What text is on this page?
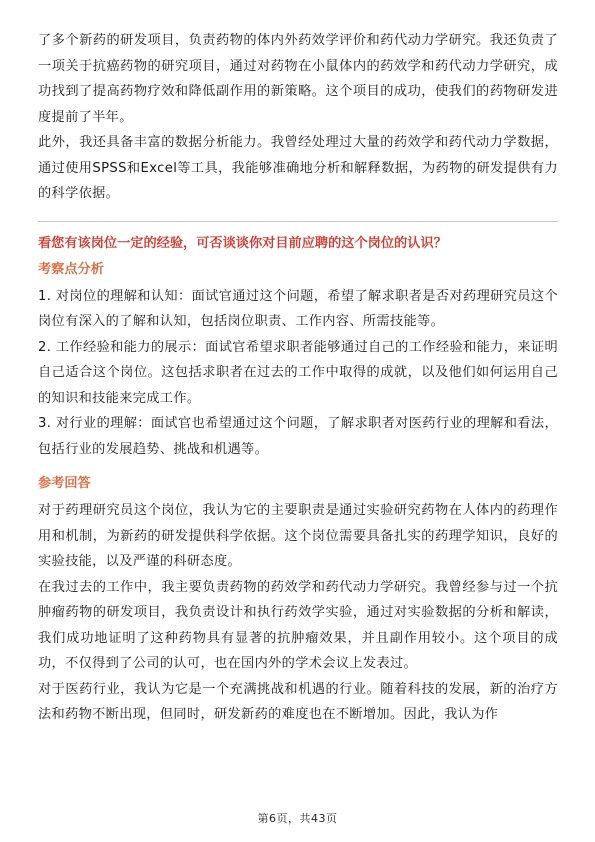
了多个新药的研发项目，负责药物的体内外药效学评价和药代动力学研究。我还负责了一项关于抗癌药物的研究项目，通过对药物在小鼠体内的药效学和药代动力学研究，成功找到了提高药物疗效和降低副作用的新策略。这个项目的成功，使我们的药物研发进度提前了半年。

此外，我还具备丰富的数据分析能力。我曾经处理过大量的药效学和药代动力学数据，通过使用SPSS和Excel等工具，我能够准确地分析和解释数据，为药物的研发提供有力的科学依据。

看您有该岗位一定的经验，可否谈谈你对目前应聘的这个岗位的认识？
考察点分析

1. 对岗位的理解和认知：面试官通过这个问题，希望了解求职者是否对药理研究员这个岗位有深入的了解和认知，包括岗位职责、工作内容、所需技能等。

2. 工作经验和能力的展示：面试官希望求职者能够通过自己的工作经验和能力，来证明自己适合这个岗位。这包括求职者在过去的工作中取得的成就，以及他们如何运用自己的知识和技能来完成工作。

3. 对行业的理解：面试官也希望通过这个问题，了解求职者对医药行业的理解和看法，包括行业的发展趋势、挑战和机遇等。

参考回答

对于药理研究员这个岗位，我认为它的主要职责是通过实验研究药物在人体内的药理作用和机制，为新药的研发提供科学依据。这个岗位需要具备扎实的药理学知识，良好的实验技能，以及严谨的科研态度。

在我过去的工作中，我主要负责药物的药效学和药代动力学研究。我曾经参与过一个抗肿瘤药物的研发项目，我负责设计和执行药效学实验，通过对实验数据的分析和解读，我们成功地证明了这种药物具有显著的抗肿瘤效果，并且副作用较小。这个项目的成功，不仅得到了公司的认可，也在国内外的学术会议上发表过。

对于医药行业，我认为它是一个充满挑战和机遇的行业。随着科技的发展，新的治疗方法和药物不断出现，但同时，研发新药的难度也在不断增加。因此，我认为作

第6页，共43页
